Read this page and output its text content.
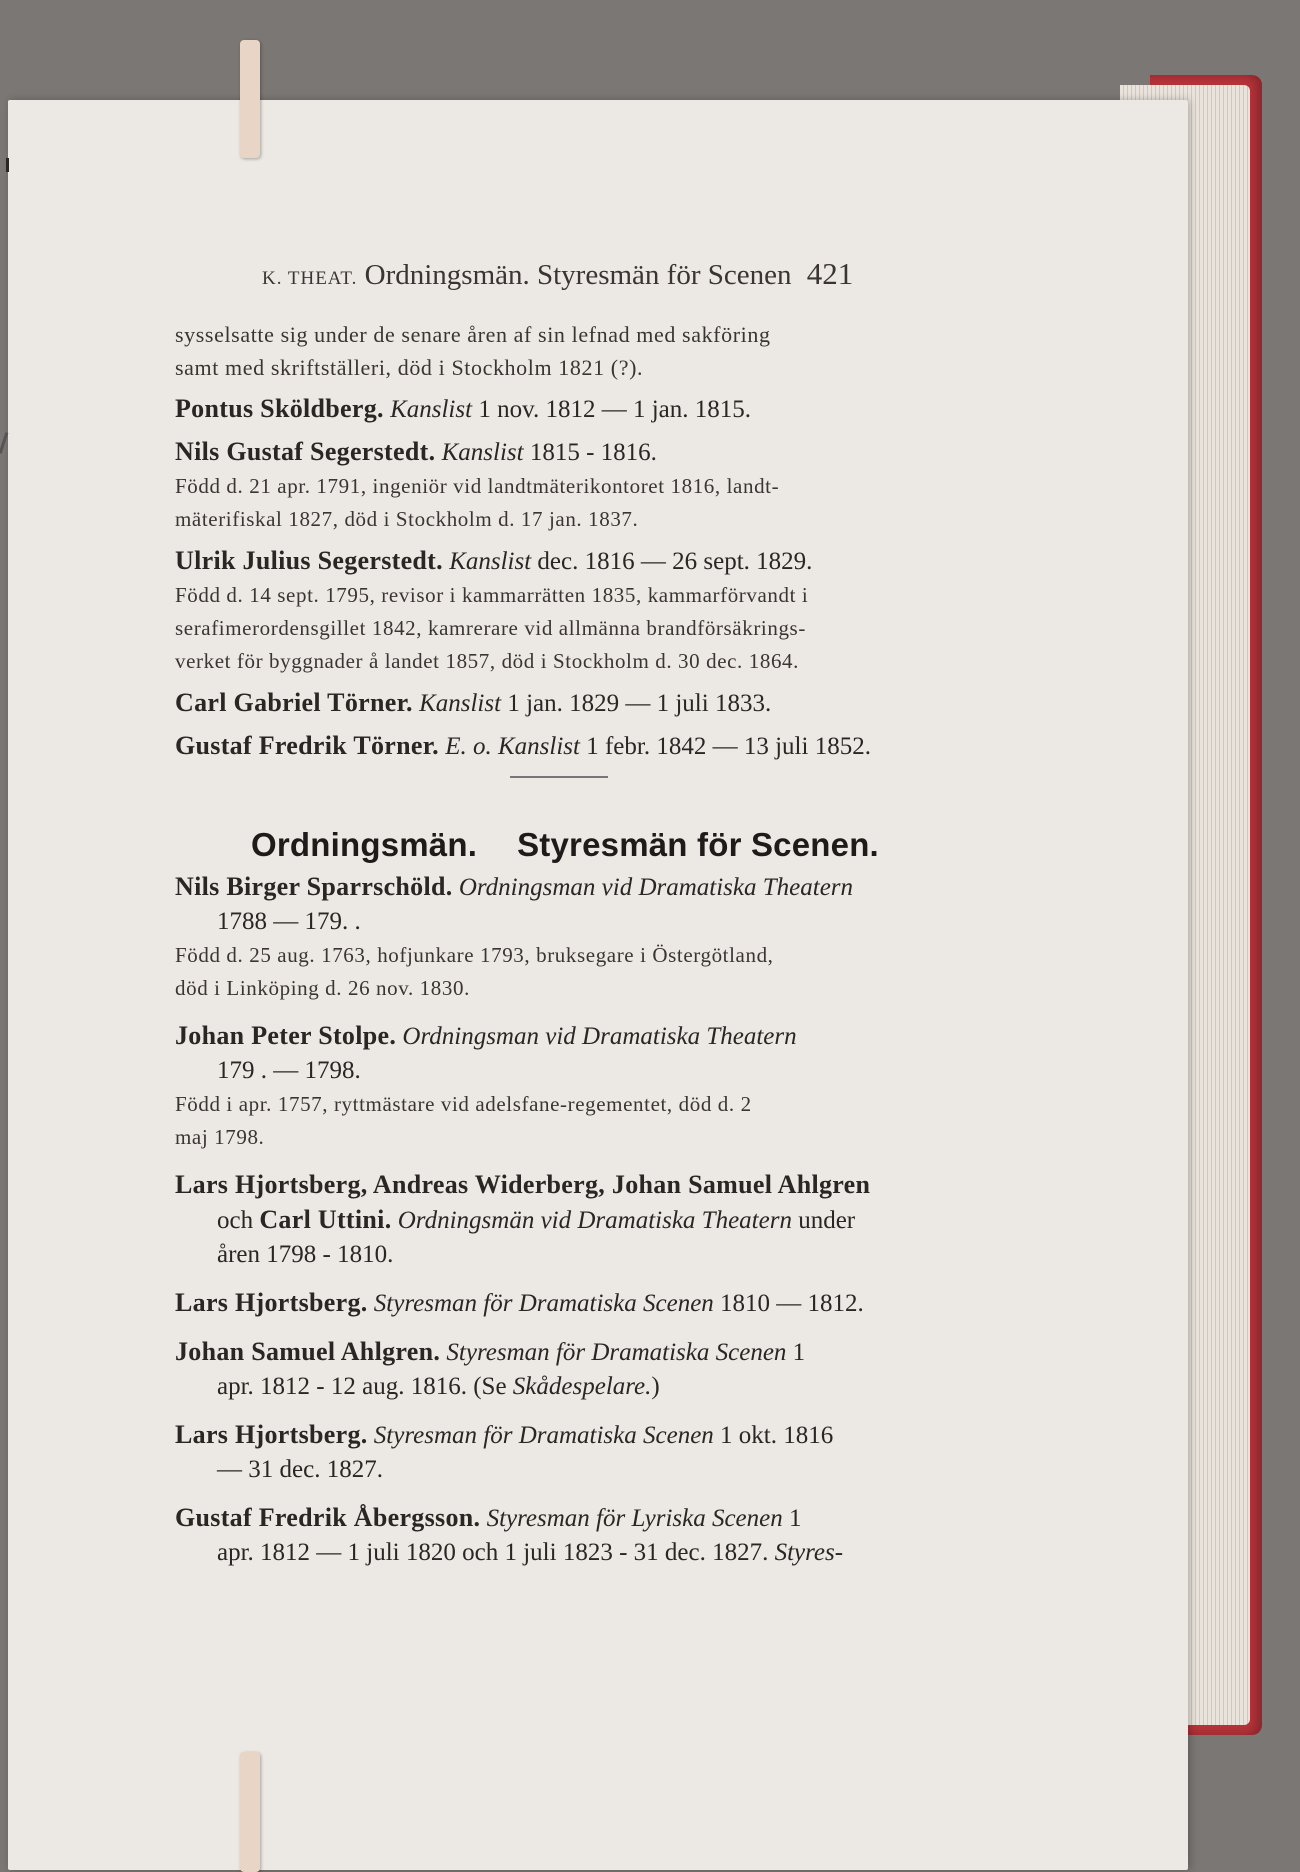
K. THEAT. Ordningsmän. Styresmän för Scenen 421
sysselsatte sig under de senare åren af sin lefnad med sakföring
samt med skriftställeri, död i Stockholm 1821 (?).
Pontus Sköldberg. Kanslist 1 nov. 1812 — 1 jan. 1815.
Nils Gustaf Segerstedt. Kanslist 1815 - 1816.
Född d. 21 apr. 1791, ingeniör vid landtmäterikontoret 1816, landt-
mäterifiskal 1827, död i Stockholm d. 17 jan. 1837.
Ulrik Julius Segerstedt. Kanslist dec. 1816 — 26 sept. 1829.
Född d. 14 sept. 1795, revisor i kammarrätten 1835, kammarförvandt i
serafimerordensgillet 1842, kamrerare vid allmänna brandförsäkrings-
verket för byggnader å landet 1857, död i Stockholm d. 30 dec. 1864.
Carl Gabriel Törner. Kanslist 1 jan. 1829 — 1 juli 1833.
Gustaf Fredrik Törner. E. o. Kanslist 1 febr. 1842 — 13 juli 1852.
Ordningsmän. Styresmän för Scenen.
Nils Birger Sparrschöld. Ordningsman vid Dramatiska Theatern
1788 — 179. .
Född d. 25 aug. 1763, hofjunkare 1793, bruksegare i Östergötland,
död i Linköping d. 26 nov. 1830.
Johan Peter Stolpe. Ordningsman vid Dramatiska Theatern
179 . — 1798.
Född i apr. 1757, ryttmästare vid adelsfane-regementet, död d. 2
maj 1798.
Lars Hjortsberg, Andreas Widerberg, Johan Samuel Ahlgren
och Carl Uttini. Ordningsmän vid Dramatiska Theatern under
åren 1798 - 1810.
Lars Hjortsberg. Styresman för Dramatiska Scenen 1810 — 1812.
Johan Samuel Ahlgren. Styresman för Dramatiska Scenen 1
apr. 1812 - 12 aug. 1816. (Se Skådespelare.)
Lars Hjortsberg. Styresman för Dramatiska Scenen 1 okt. 1816
— 31 dec. 1827.
Gustaf Fredrik Åbergsson. Styresman för Lyriska Scenen 1
apr. 1812 — 1 juli 1820 och 1 juli 1823 - 31 dec. 1827. Styres-
